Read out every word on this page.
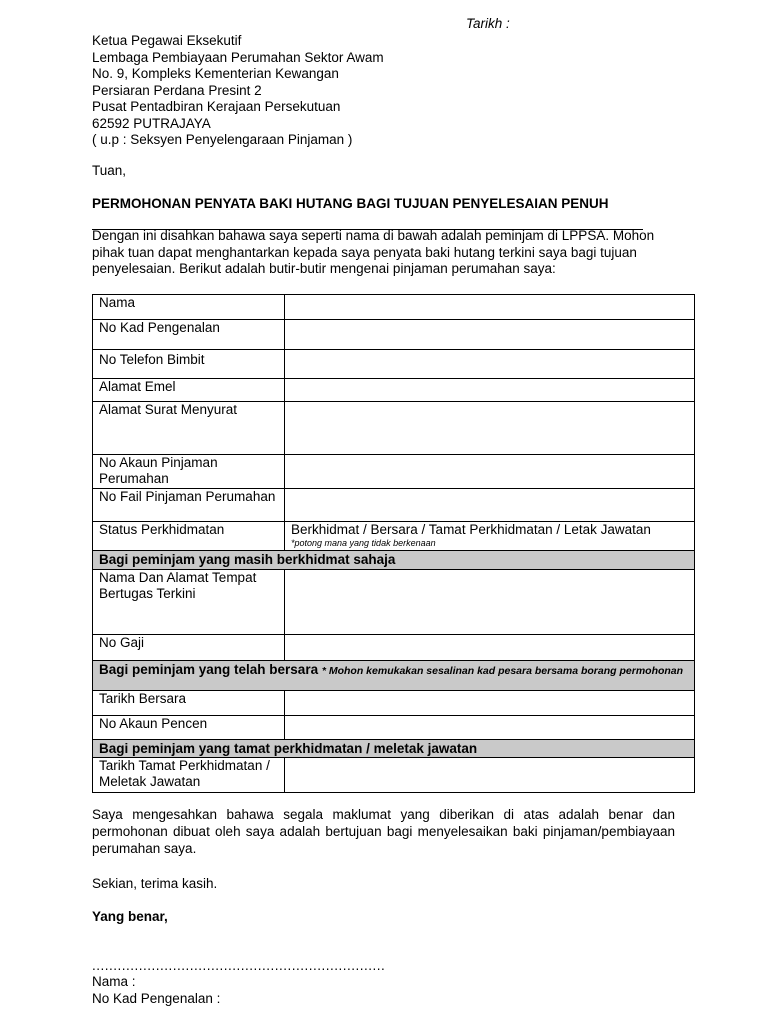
Tarikh :
Ketua Pegawai Eksekutif
Lembaga Pembiayaan Perumahan Sektor Awam
No. 9, Kompleks Kementerian Kewangan
Persiaran Perdana Presint 2
Pusat Pentadbiran Kerajaan Persekutuan
62592 PUTRAJAYA
( u.p : Seksyen Penyelengaraan Pinjaman )
Tuan,
PERMOHONAN PENYATA BAKI HUTANG BAGI TUJUAN PENYELESAIAN PENUH
Dengan ini disahkan bahawa saya seperti nama di bawah adalah peminjam di LPPSA. Mohon pihak tuan dapat menghantarkan kepada saya penyata baki hutang terkini saya bagi tujuan penyelesaian. Berikut adalah butir-butir mengenai pinjaman perumahan saya:
Nama	
No Kad Pengenalan	
No Telefon Bimbit	
Alamat Emel	
Alamat Surat Menyurat	
No Akaun Pinjaman Perumahan	
No Fail Pinjaman Perumahan	
Status Perkhidmatan	Berkhidmat / Bersara / Tamat Perkhidmatan / Letak Jawatan
*potong mana yang tidak berkenaan

Bagi peminjam yang masih berkhidmat sahaja	
Nama Dan Alamat Tempat Bertugas Terkini	
No Gaji	
Bagi peminjam yang telah bersara * Mohon kemukakan sesalinan kad pesara bersama borang permohonan	
Tarikh Bersara	
No Akaun Pencen	
Bagi peminjam yang tamat perkhidmatan / meletak jawatan	
Tarikh Tamat Perkhidmatan / Meletak Jawatan	
Saya mengesahkan bahawa segala maklumat yang diberikan di atas adalah benar dan permohonan dibuat oleh saya adalah bertujuan bagi menyelesaikan baki pinjaman/pembiayaan perumahan saya.
Sekian, terima kasih.
Yang benar,
.....................................................................
Nama :
No Kad Pengenalan :
